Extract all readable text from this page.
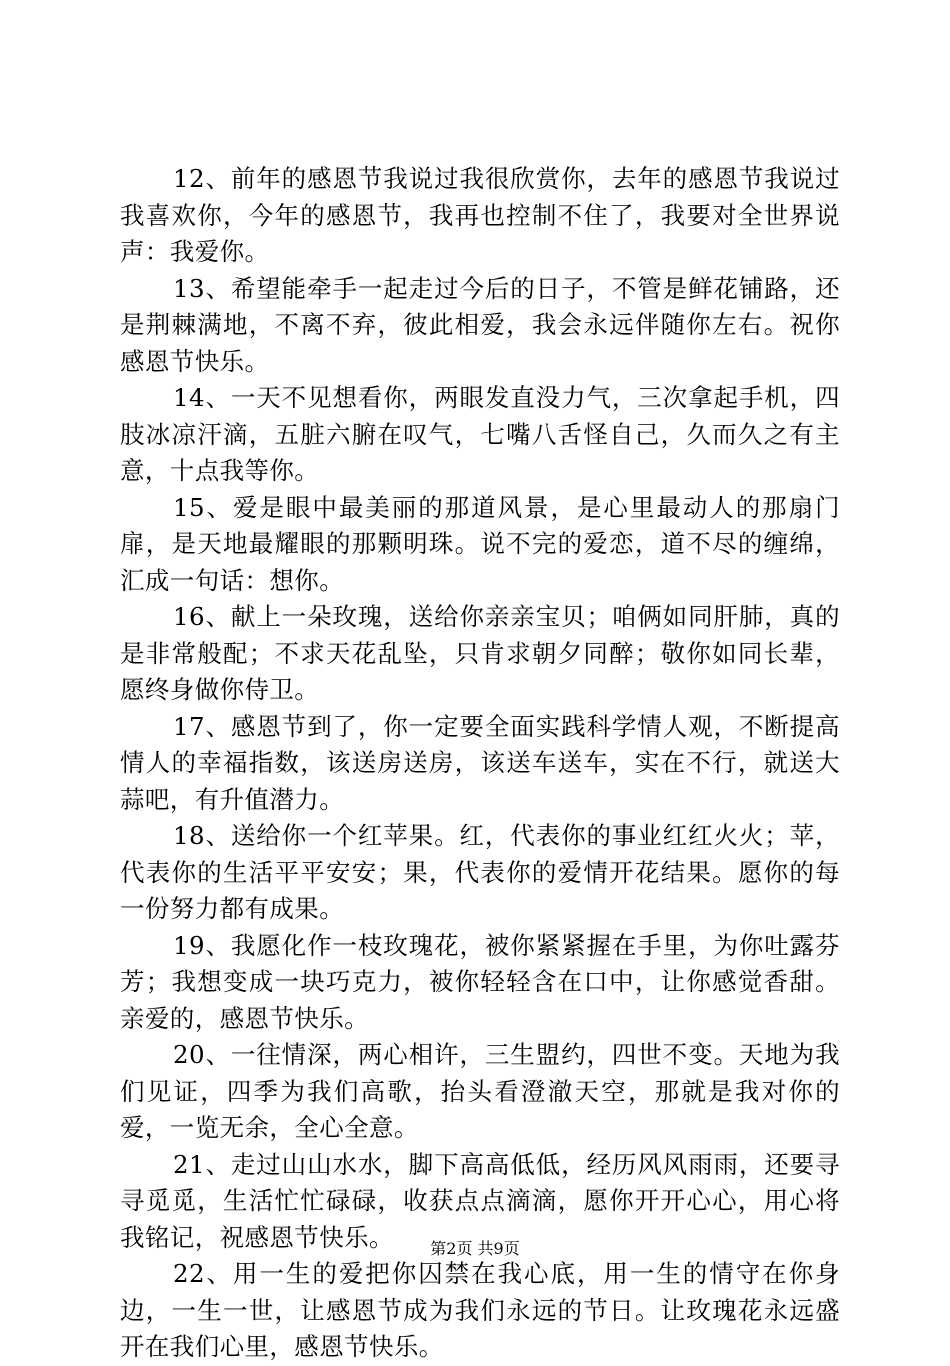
12、前年的感恩节我说过我很欣赏你，去年的感恩节我说过我喜欢你，今年的感恩节，我再也控制不住了，我要对全世界说声：我爱你。

13、希望能牵手一起走过今后的日子，不管是鲜花铺路，还是荆棘满地，不离不弃，彼此相爱，我会永远伴随你左右。祝你感恩节快乐。

14、一天不见想看你，两眼发直没力气，三次拿起手机，四肢冰凉汗滴，五脏六腑在叹气，七嘴八舌怪自己，久而久之有主意，十点我等你。

15、爱是眼中最美丽的那道风景，是心里最动人的那扇门扉，是天地最耀眼的那颗明珠。说不完的爱恋，道不尽的缠绵，汇成一句话：想你。

16、献上一朵玫瑰，送给你亲亲宝贝；咱俩如同肝肺，真的是非常般配；不求天花乱坠，只肯求朝夕同醉；敬你如同长辈，愿终身做你侍卫。

17、感恩节到了，你一定要全面实践科学情人观，不断提高情人的幸福指数，该送房送房，该送车送车，实在不行，就送大蒜吧，有升值潜力。

18、送给你一个红苹果。红，代表你的事业红红火火；苹，代表你的生活平平安安；果，代表你的爱情开花结果。愿你的每一份努力都有成果。

19、我愿化作一枝玫瑰花，被你紧紧握在手里，为你吐露芬芳；我想变成一块巧克力，被你轻轻含在口中，让你感觉香甜。亲爱的，感恩节快乐。

20、一往情深，两心相许，三生盟约，四世不变。天地为我们见证，四季为我们高歌，抬头看澄澈天空，那就是我对你的爱，一览无余，全心全意。

21、走过山山水水，脚下高高低低，经历风风雨雨，还要寻寻觅觅，生活忙忙碌碌，收获点点滴滴，愿你开开心心，用心将我铭记，祝感恩节快乐。

22、用一生的爱把你囚禁在我心底，用一生的情守在你身边，一生一世，让感恩节成为我们永远的节日。让玫瑰花永远盛开在我们心里，感恩节快乐。

第2页 共9页
